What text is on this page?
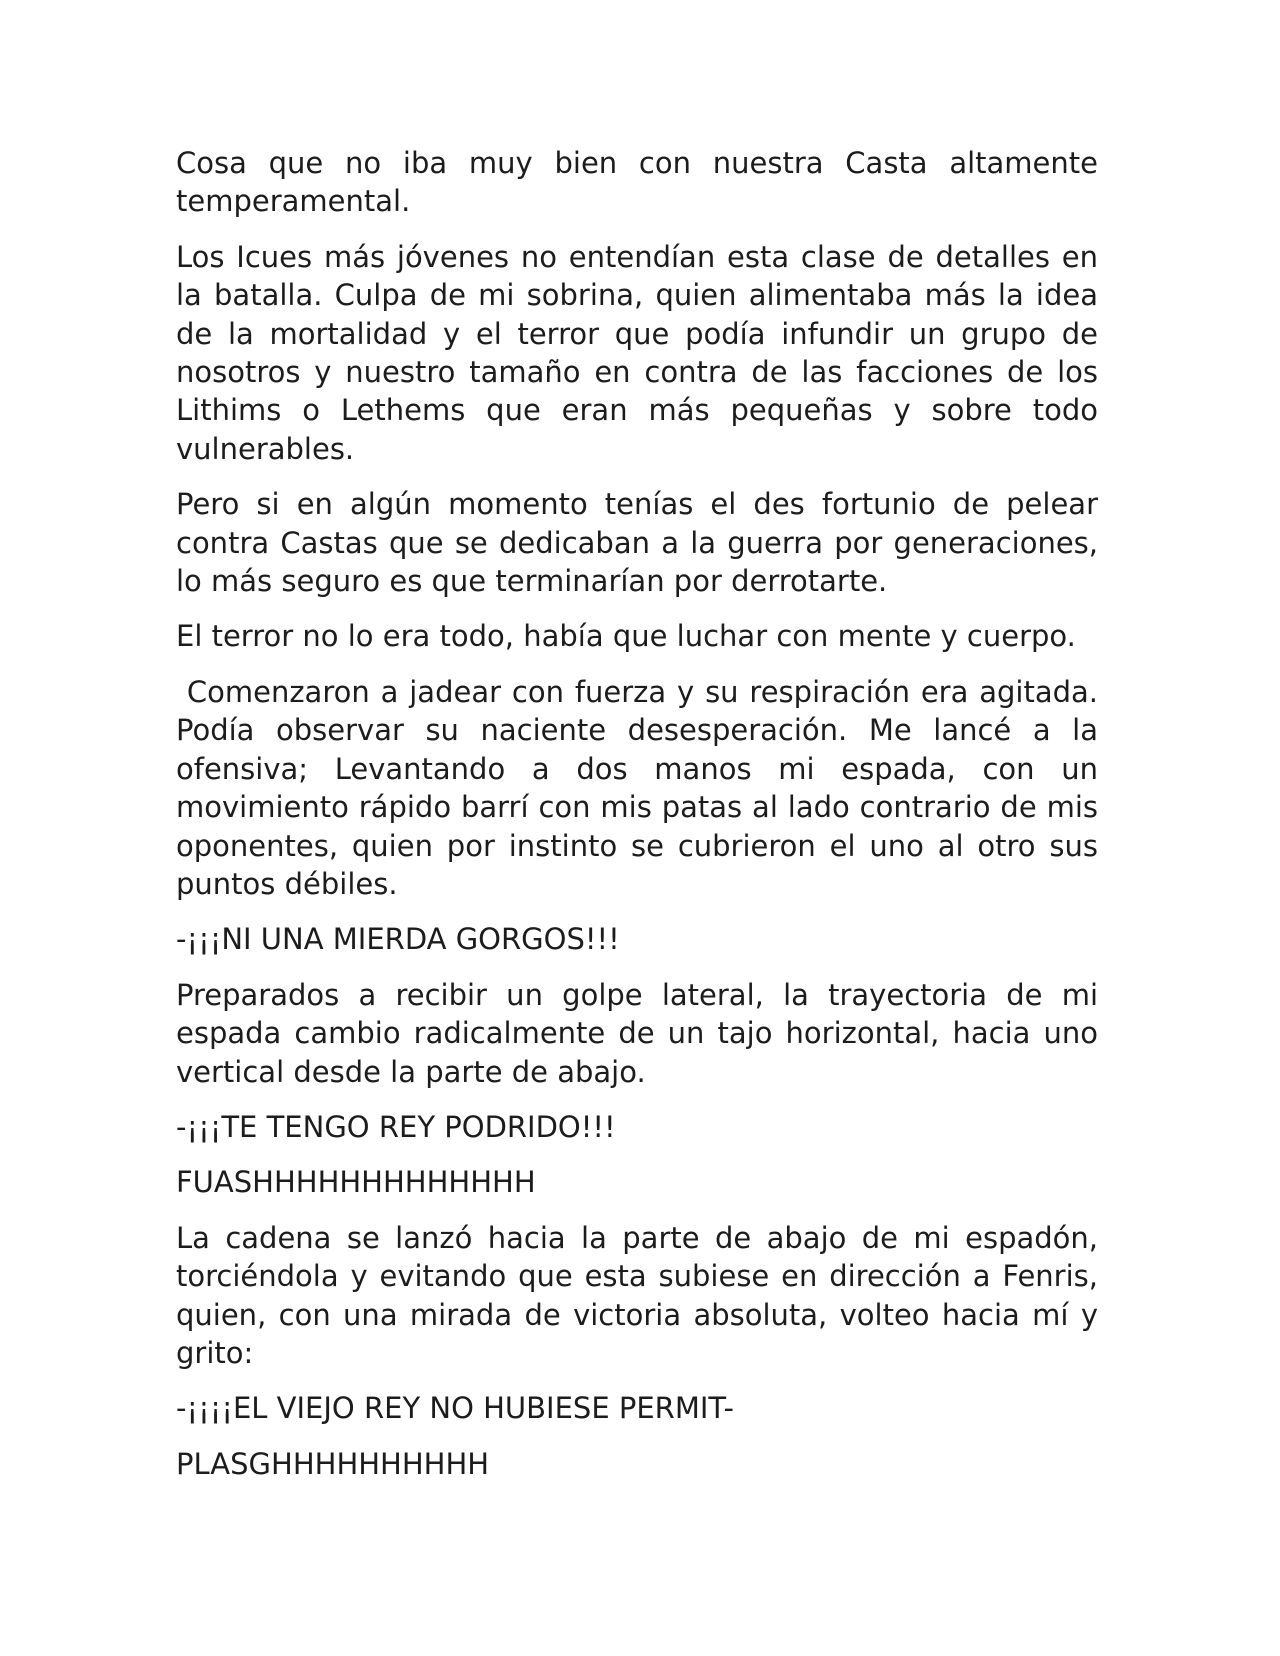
Cosa que no iba muy bien con nuestra Casta altamente temperamental.

Los Icues más jóvenes no entendían esta clase de detalles en la batalla. Culpa de mi sobrina, quien alimentaba más la idea de la mortalidad y el terror que podía infundir un grupo de nosotros y nuestro tamaño en contra de las facciones de los Lithims o Lethems que eran más pequeñas y sobre todo vulnerables.

Pero si en algún momento tenías el des fortunio de pelear contra Castas que se dedicaban a la guerra por generaciones, lo más seguro es que terminarían por derrotarte.

El terror no lo era todo, había que luchar con mente y cuerpo.

Comenzaron a jadear con fuerza y su respiración era agitada. Podía observar su naciente desesperación. Me lancé a la ofensiva; Levantando a dos manos mi espada, con un movimiento rápido barrí con mis patas al lado contrario de mis oponentes, quien por instinto se cubrieron el uno al otro sus puntos débiles.

-¡¡¡NI UNA MIERDA GORGOS!!!

Preparados a recibir un golpe lateral, la trayectoria de mi espada cambio radicalmente de un tajo horizontal, hacia uno vertical desde la parte de abajo.

-¡¡¡TE TENGO REY PODRIDO!!!

FUASHHHHHHHHHHHHH

La cadena se lanzó hacia la parte de abajo de mi espadón, torciéndola y evitando que esta subiese en dirección a Fenris, quien, con una mirada de victoria absoluta, volteo hacia mí y grito:

-¡¡¡¡EL VIEJO REY NO HUBIESE PERMIT-

PLASGHHHHHHHHHH
